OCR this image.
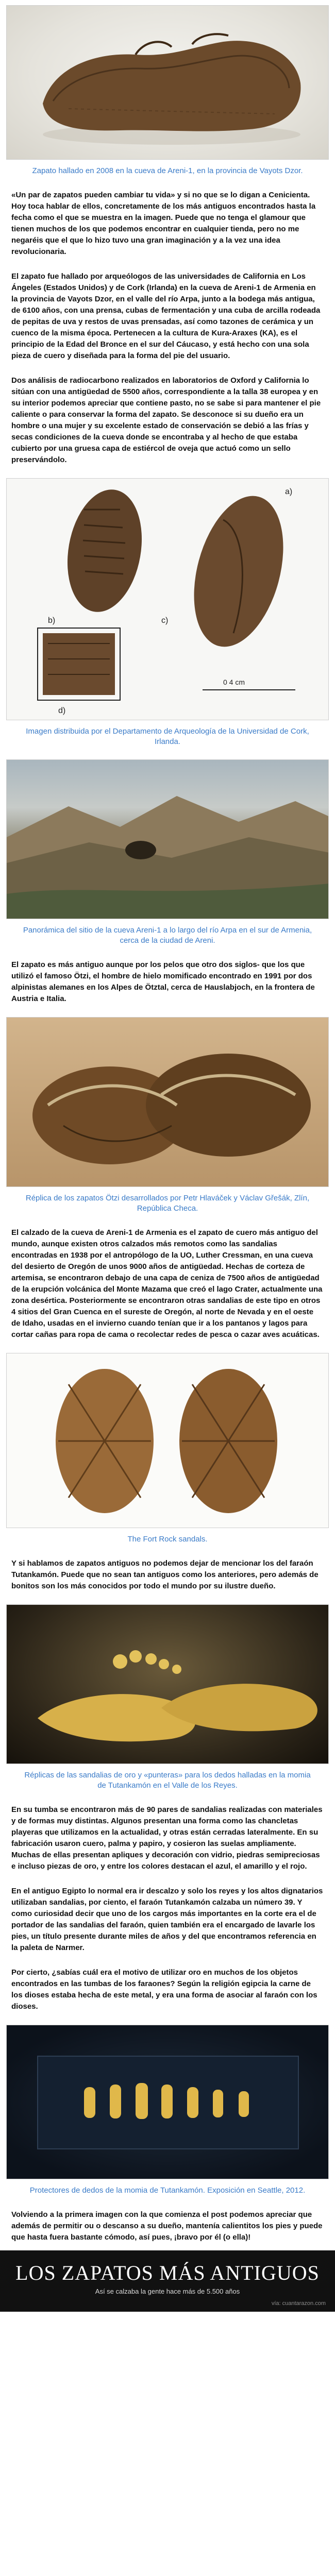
Zapato hallado en 2008 en la cueva de Areni-1, en la provincia de Vayots Dzor.
«Un par de zapatos pueden cambiar tu vida» y si no que se lo digan a Cenicienta. Hoy toca hablar de ellos, concretamente de los más antiguos encontrados hasta la fecha como el que se muestra en la imagen. Puede que no tenga el glamour que tienen muchos de los que podemos encontrar en cualquier tienda, pero no me negaréis que el que lo hizo tuvo una gran imaginación y a la vez una idea revolucionaria.
El zapato fue hallado por arqueólogos de las universidades de California en Los Ángeles (Estados Unidos) y de Cork (Irlanda) en la cueva de Areni-1 de Armenia en la provincia de Vayots Dzor, en el valle del río Arpa, junto a la bodega más antigua, de 6100 años, con una prensa, cubas de fermentación y una cuba de arcilla rodeada de pepitas de uva y restos de uvas prensadas, así como tazones de cerámica y un cuenco de la misma época. Pertenecen a la cultura de Kura-Araxes (KA), es el principio de la Edad del Bronce en el sur del Cáucaso, y está hecho con una sola pieza de cuero y diseñada para la forma del pie del usuario.
Dos análisis de radiocarbono realizados en laboratorios de Oxford y California lo sitúan con una antigüedad de 5500 años, correspondiente a la talla 38 europea y en su interior podemos apreciar que contiene pasto, no se sabe si para mantener el pie caliente o para conservar la forma del zapato. Se desconoce si su dueño era un hombre o una mujer y su excelente estado de conservación se debió a las frías y secas condiciones de la cueva donde se encontraba y al hecho de que estaba cubierto por una gruesa capa de estiércol de oveja que actuó como un sello preservándolo.
a)
b)	c)
d)
0 4 cm
Imagen distribuida por el Departamento de Arqueología de la Universidad de Cork, Irlanda.
Panorámica del sitio de la cueva Areni-1 a lo largo del río Arpa en el sur de Armenia, cerca de la ciudad de Areni.
El zapato es más antiguo aunque por los pelos que otro dos siglos- que los que utilizó el famoso Ötzi, el hombre de hielo momificado encontrado en 1991 por dos alpinistas alemanes en los Alpes de Ötztal, cerca de Hauslabjoch, en la frontera de Austria e Italia.
Réplica de los zapatos Ötzi desarrollados por Petr Hlaváček y Václav Gřešák, Zlín, República Checa.
El calzado de la cueva de Areni-1 de Armenia es el zapato de cuero más antiguo del mundo, aunque existen otros calzados más remotos como las sandalias encontradas en 1938 por el antropólogo de la UO, Luther Cressman, en una cueva del desierto de Oregón de unos 9000 años de antigüedad. Hechas de corteza de artemisa, se encontraron debajo de una capa de ceniza de 7500 años de antigüedad de la erupción volcánica del Monte Mazama que creó el lago Crater, actualmente una zona desértica. Posteriormente se encontraron otras sandalias de este tipo en otros 4 sitios del Gran Cuenca en el sureste de Oregón, al norte de Nevada y en el oeste de Idaho, usadas en el invierno cuando tenían que ir a los pantanos y lagos para cortar cañas para ropa de cama o recolectar redes de pesca o cazar aves acuáticas.
The Fort Rock sandals.
Y si hablamos de zapatos antiguos no podemos dejar de mencionar los del faraón Tutankamón. Puede que no sean tan antiguos como los anteriores, pero además de bonitos son los más conocidos por todo el mundo por su ilustre dueño.
Réplicas de las sandalias de oro y «punteras» para los dedos halladas en la momia de Tutankamón en el Valle de los Reyes.
En su tumba se encontraron más de 90 pares de sandalias realizadas con materiales y de formas muy distintas. Algunos presentan una forma como las chancletas playeras que utilizamos en la actualidad, y otras están cerradas lateralmente. En su fabricación usaron cuero, palma y papiro, y cosieron las suelas ampliamente. Muchas de ellas presentan apliques y decoración con vidrio, piedras semipreciosas e incluso piezas de oro, y entre los colores destacan el azul, el amarillo y el rojo.
En el antiguo Egipto lo normal era ir descalzo y solo los reyes y los altos dignatarios utilizaban sandalias, por ciento, el faraón Tutankamón calzaba un número 39. Y como curiosidad decir que uno de los cargos más importantes en la corte era el de portador de las sandalias del faraón, quien también era el encargado de lavarle los pies, un título presente durante miles de años y del que encontramos referencia en la paleta de Narmer.
Por cierto, ¿sabías cuál era el motivo de utilizar oro en muchos de los objetos encontrados en las tumbas de los faraones? Según la religión egipcia la carne de los dioses estaba hecha de este metal, y era una forma de asociar al faraón con los dioses.
Protectores de dedos de la momia de Tutankamón. Exposición en Seattle, 2012.
Volviendo a la primera imagen con la que comienza el post podemos apreciar que además de permitir ou o descanso a su dueño, mantenía calientitos los pies y puede que hasta fuera bastante cómodo, así pues, ¡bravo por él (o ella)!
LOS ZAPATOS MÁS ANTIGUOS
Así se calzaba la gente hace más de 5.500 años
vía: cuantarazon.com
